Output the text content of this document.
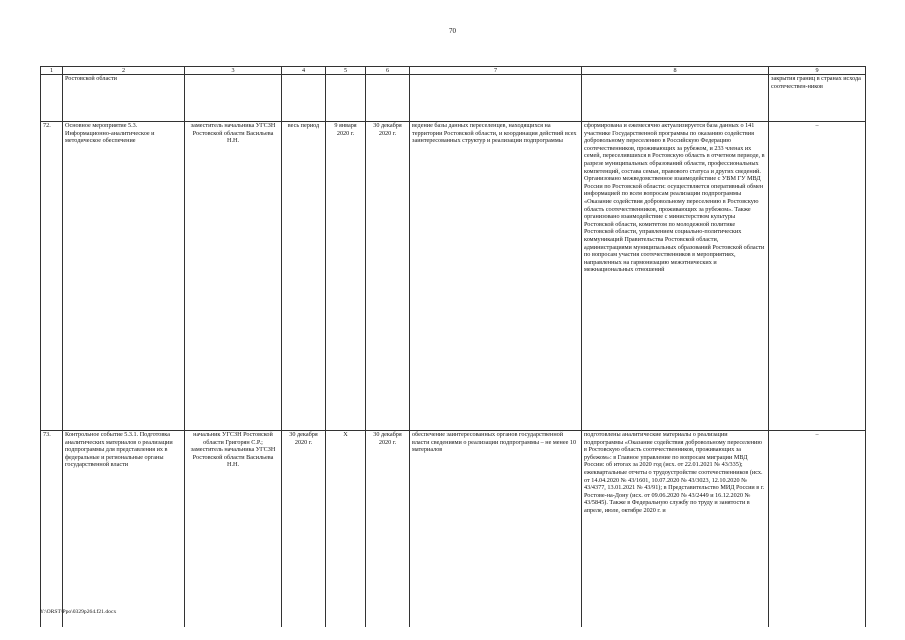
70
1	2	3	4	5	6	7	8	9
	Ростовской области							закрытия границ в странах исхода соотечествен-ников
72.	Основное мероприятие 5.3. Информационно-аналитическое и методическое обеспечение	заместитель начальника УГСЗН Ростовской области Васильева Н.Н.	весь период	9 января 2020 г.	30 декабря 2020 г.	ведение базы данных переселенцев, находящихся на территории Ростовской области, и координация действий всех заинтересованных структур и реализации подпрограммы	сформирована и ежемесячно актуализируется база данных о 141 участнике Государственной программы по оказанию содействия добровольному переселению в Российскую Федерацию соотечественников, проживающих за рубежом, и 233 членах их семей, переселившихся в Ростовскую область в отчетном периоде, в разрезе муниципальных образований области, профессиональных компетенций, состава семьи, правового статуса и других сведений. Организовано межведомственное взаимодействие с УВМ ГУ МВД России по Ростовской области: осуществляется оперативный обмен информацией по всем вопросам реализации подпрограммы «Оказание содействия добровольному переселению в Ростовскую область соотечественников, проживающих за рубежом». Также организовано взаимодействие с министерством культуры Ростовской области, комитетом по молодежной политике Ростовской области, управлением социально-политических коммуникаций Правительства Ростовской области, администрациями муниципальных образований Ростовской области по вопросам участия соотечественников в мероприятиях, направленных на гармонизацию межэтнических и межнациональных отношений	–
73.	Контрольное событие 5.3.1. Подготовка аналитических материалов о реализации подпрограммы для представления их в федеральные и региональные органы государственной власти	начальник УГСЗН Ростовской области Григорян С.Р.; заместитель начальника УГСЗН Ростовской области Васильева Н.Н.	30 декабря 2020 г.	X	30 декабря 2020 г.	обеспечение заинтересованных органов государственной власти сведениями о реализации подпрограммы – не менее 10 материалов	подготовлены аналитические материалы о реализации подпрограммы «Оказание содействия добровольному переселению в Ростовскую область соотечественников, проживающих за рубежом»: в Главное управление по вопросам миграции МВД России: об итогах за 2020 год (исх. от 22.01.2021 № 43/335); ежеквартальные отчеты о трудоустройстве соотечественников (исх. от 14.04.2020 № 43/1601, 10.07.2020 № 43/3023, 12.10.2020 № 43/4377, 13.01.2021 № 43/91); в Представительство МИД России в г. Ростове-на-Дону (исх. от 09.06.2020 № 43/2449 и 16.12.2020 № 43/5845). Также в Федеральную службу по труду и занятости в апреле, июле, октябре 2020 г. и	–
Y:\ORST\Ppo\0329p264.f21.docx
